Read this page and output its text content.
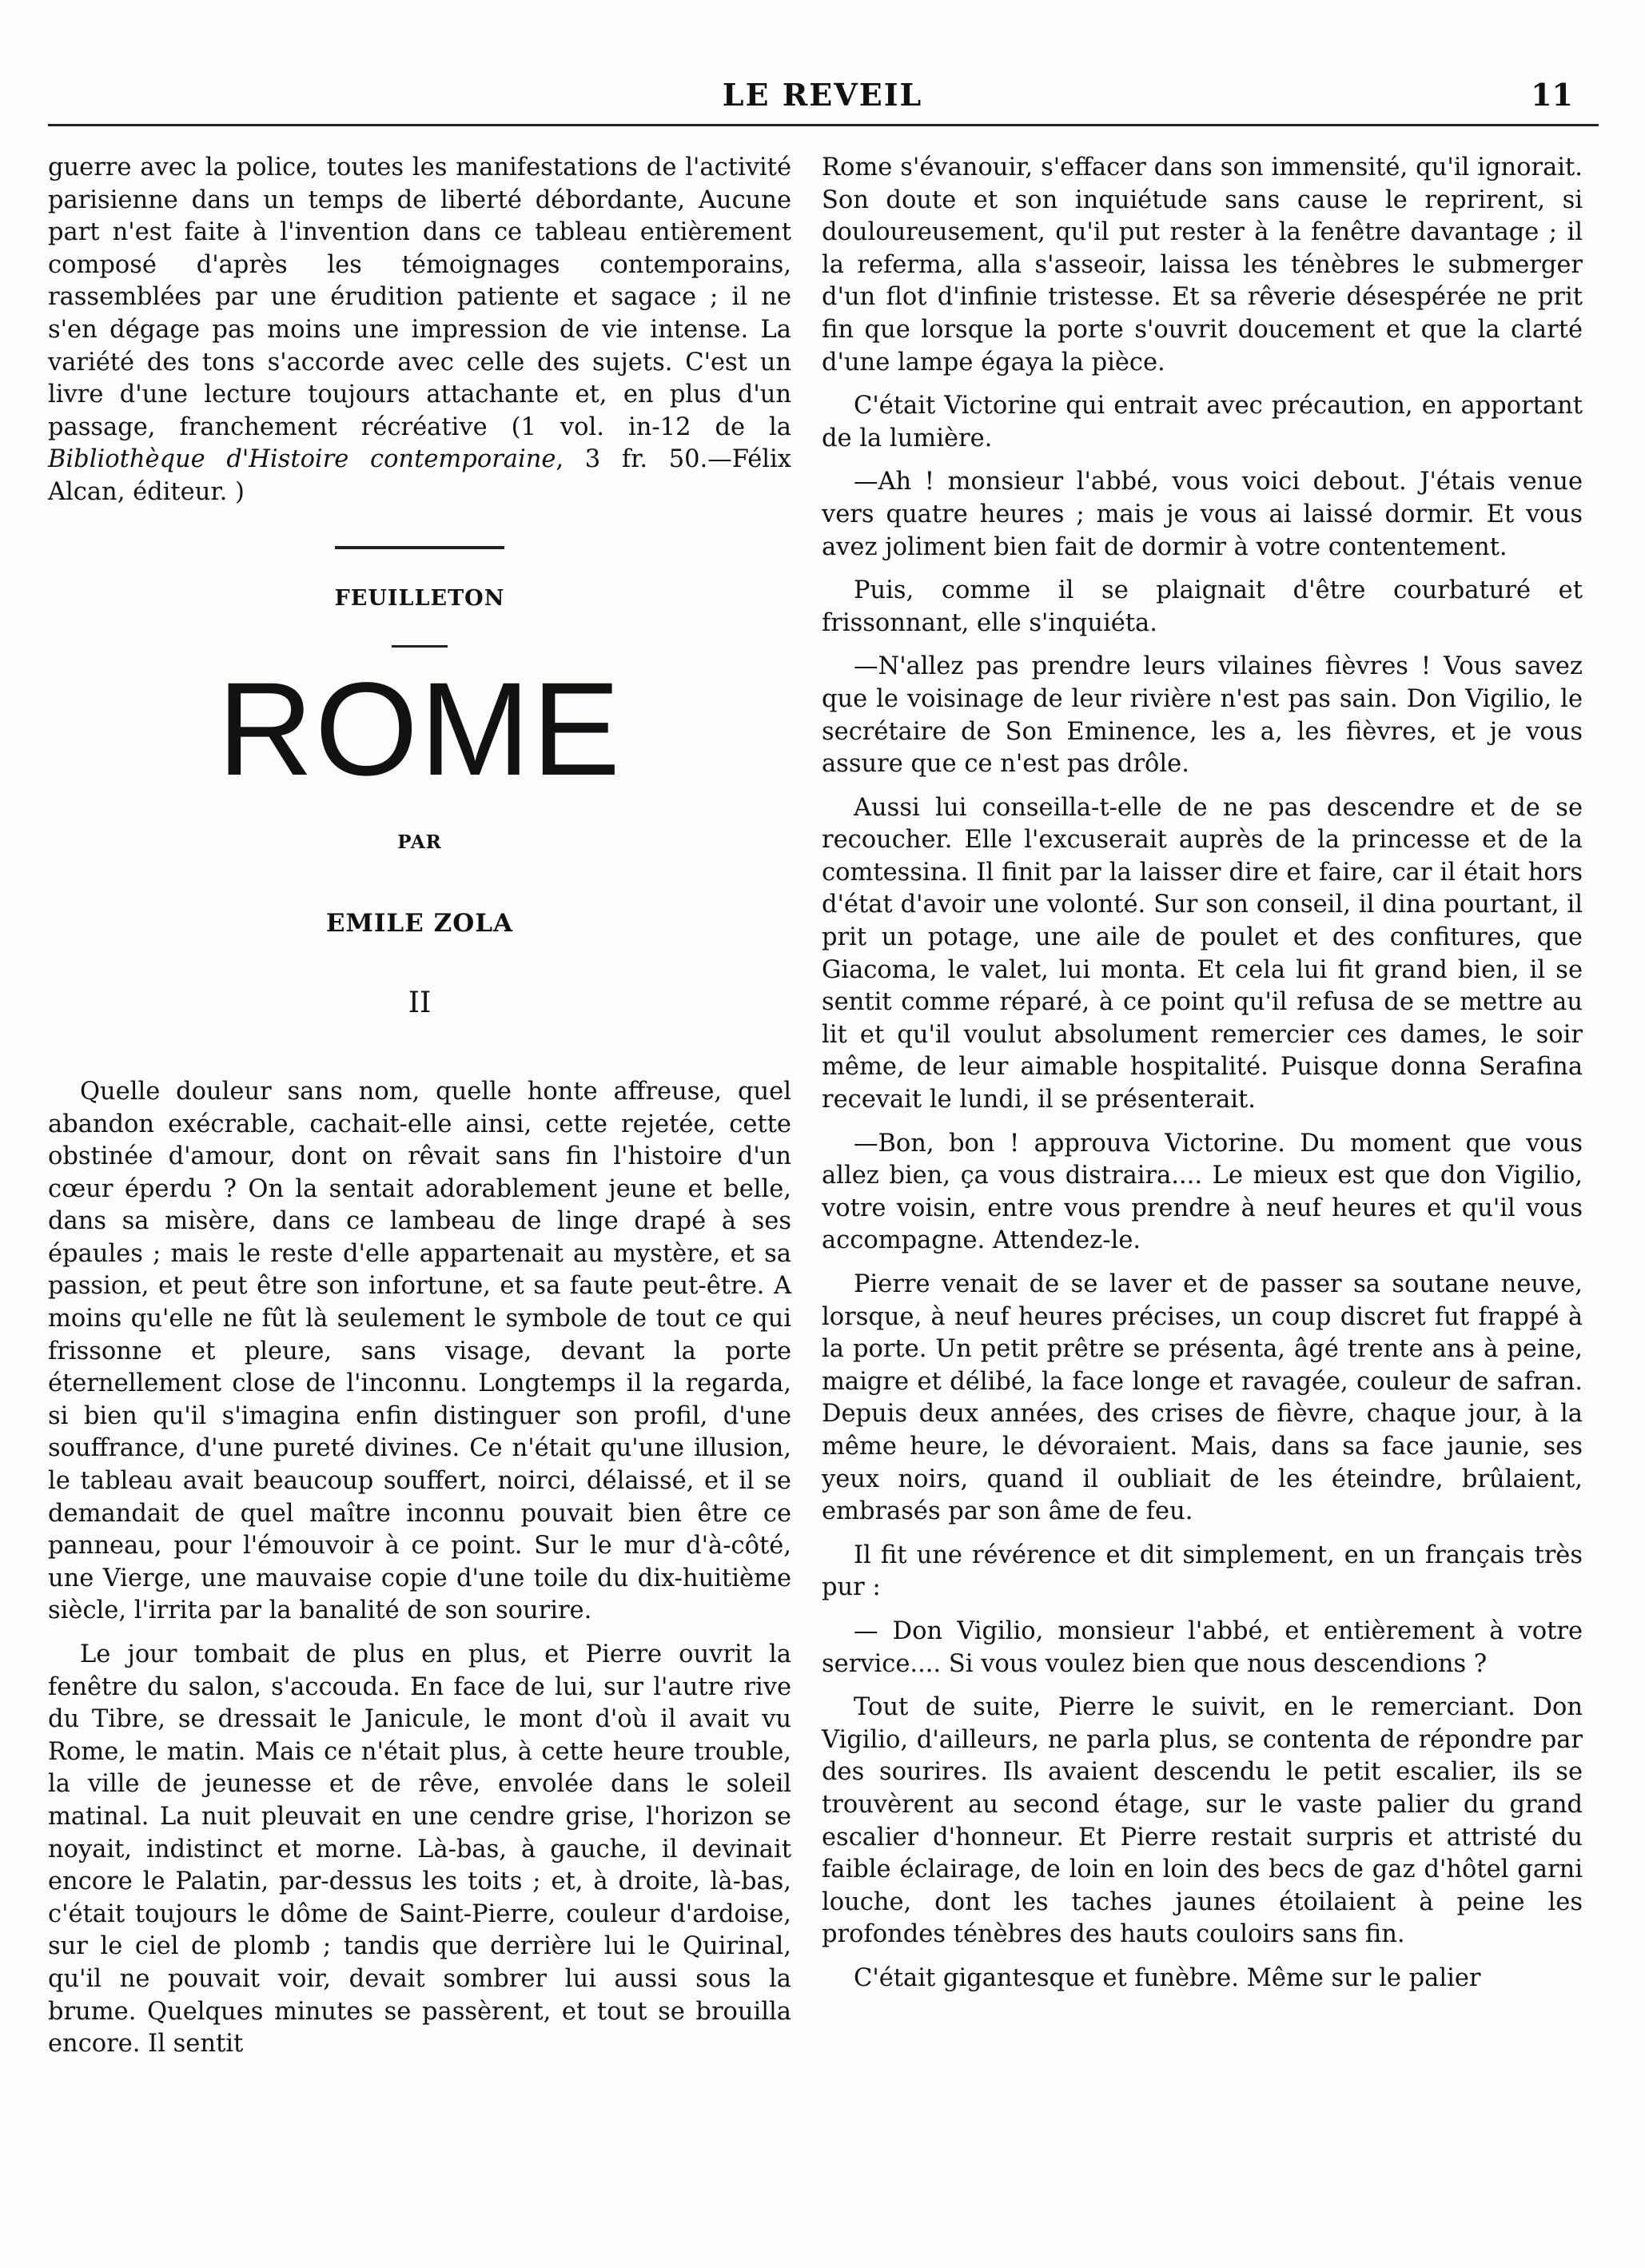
LE REVEIL	11

guerre avec la police, toutes les manifestations de l'activité parisienne dans un temps de liberté débordante, Aucune part n'est faite à l'invention dans ce tableau entièrement composé d'après les témoignages contemporains, rassemblées par une érudition patiente et sagace ; il ne s'en dégage pas moins une impression de vie intense. La variété des tons s'accorde avec celle des sujets. C'est un livre d'une lecture toujours attachante et, en plus d'un passage, franchement récréative (1 vol. in-12 de la Bibliothèque d'Histoire contemporaine, 3 fr. 50.—Félix Alcan, éditeur. )

FEUILLETON
ROME
PAR
EMILE ZOLA
II

Quelle douleur sans nom, quelle honte affreuse, quel abandon exécrable, cachait-elle ainsi, cette rejetée, cette obstinée d'amour, dont on rêvait sans fin l'histoire d'un cœur éperdu ? On la sentait adorablement jeune et belle, dans sa misère, dans ce lambeau de linge drapé à ses épaules ; mais le reste d'elle appartenait au mystère, et sa passion, et peut être son infortune, et sa faute peut-être. A moins qu'elle ne fût là seulement le symbole de tout ce qui frissonne et pleure, sans visage, devant la porte éternellement close de l'inconnu. Longtemps il la regarda, si bien qu'il s'imagina enfin distinguer son profil, d'une souffrance, d'une pureté divines. Ce n'était qu'une illusion, le tableau avait beaucoup souffert, noirci, délaissé, et il se demandait de quel maître inconnu pouvait bien être ce panneau, pour l'émouvoir à ce point. Sur le mur d'à-côté, une Vierge, une mauvaise copie d'une toile du dix-huitième siècle, l'irrita par la banalité de son sourire.

Le jour tombait de plus en plus, et Pierre ouvrit la fenêtre du salon, s'accouda. En face de lui, sur l'autre rive du Tibre, se dressait le Janicule, le mont d'où il avait vu Rome, le matin. Mais ce n'était plus, à cette heure trouble, la ville de jeunesse et de rêve, envolée dans le soleil matinal. La nuit pleuvait en une cendre grise, l'horizon se noyait, indistinct et morne. Là-bas, à gauche, il devinait encore le Palatin, par-dessus les toits ; et, à droite, là-bas, c'était toujours le dôme de Saint-Pierre, couleur d'ardoise, sur le ciel de plomb ; tandis que derrière lui le Quirinal, qu'il ne pouvait voir, devait sombrer lui aussi sous la brume. Quelques minutes se passèrent, et tout se brouilla encore. Il sentit

Rome s'évanouir, s'effacer dans son immensité, qu'il ignorait. Son doute et son inquiétude sans cause le reprirent, si douloureusement, qu'il put rester à la fenêtre davantage ; il la referma, alla s'asseoir, laissa les ténèbres le submerger d'un flot d'infinie tristesse. Et sa rêverie désespérée ne prit fin que lorsque la porte s'ouvrit doucement et que la clarté d'une lampe égaya la pièce.

C'était Victorine qui entrait avec précaution, en apportant de la lumière.

—Ah ! monsieur l'abbé, vous voici debout. J'étais venue vers quatre heures ; mais je vous ai laissé dormir. Et vous avez joliment bien fait de dormir à votre contentement.

Puis, comme il se plaignait d'être courbaturé et frissonnant, elle s'inquiéta.

—N'allez pas prendre leurs vilaines fièvres ! Vous savez que le voisinage de leur rivière n'est pas sain. Don Vigilio, le secrétaire de Son Eminence, les a, les fièvres, et je vous assure que ce n'est pas drôle.

Aussi lui conseilla-t-elle de ne pas descendre et de se recoucher. Elle l'excuserait auprès de la princesse et de la comtessina. Il finit par la laisser dire et faire, car il était hors d'état d'avoir une volonté. Sur son conseil, il dina pourtant, il prit un potage, une aile de poulet et des confitures, que Giacoma, le valet, lui monta. Et cela lui fit grand bien, il se sentit comme réparé, à ce point qu'il refusa de se mettre au lit et qu'il voulut absolument remercier ces dames, le soir même, de leur aimable hospitalité. Puisque donna Serafina recevait le lundi, il se présenterait.

—Bon, bon ! approuva Victorine. Du moment que vous allez bien, ça vous distraira.... Le mieux est que don Vigilio, votre voisin, entre vous prendre à neuf heures et qu'il vous accompagne. Attendez-le.

Pierre venait de se laver et de passer sa soutane neuve, lorsque, à neuf heures précises, un coup discret fut frappé à la porte. Un petit prêtre se présenta, âgé trente ans à peine, maigre et délibé, la face longe et ravagée, couleur de safran. Depuis deux années, des crises de fièvre, chaque jour, à la même heure, le dévoraient. Mais, dans sa face jaunie, ses yeux noirs, quand il oubliait de les éteindre, brûlaient, embrasés par son âme de feu.

Il fit une révérence et dit simplement, en un français très pur :

— Don Vigilio, monsieur l'abbé, et entièrement à votre service.... Si vous voulez bien que nous descendions ?

Tout de suite, Pierre le suivit, en le remerciant. Don Vigilio, d'ailleurs, ne parla plus, se contenta de répondre par des sourires. Ils avaient descendu le petit escalier, ils se trouvèrent au second étage, sur le vaste palier du grand escalier d'honneur. Et Pierre restait surpris et attristé du faible éclairage, de loin en loin des becs de gaz d'hôtel garni louche, dont les taches jaunes étoilaient à peine les profondes ténèbres des hauts couloirs sans fin.

C'était gigantesque et funèbre. Même sur le palier
